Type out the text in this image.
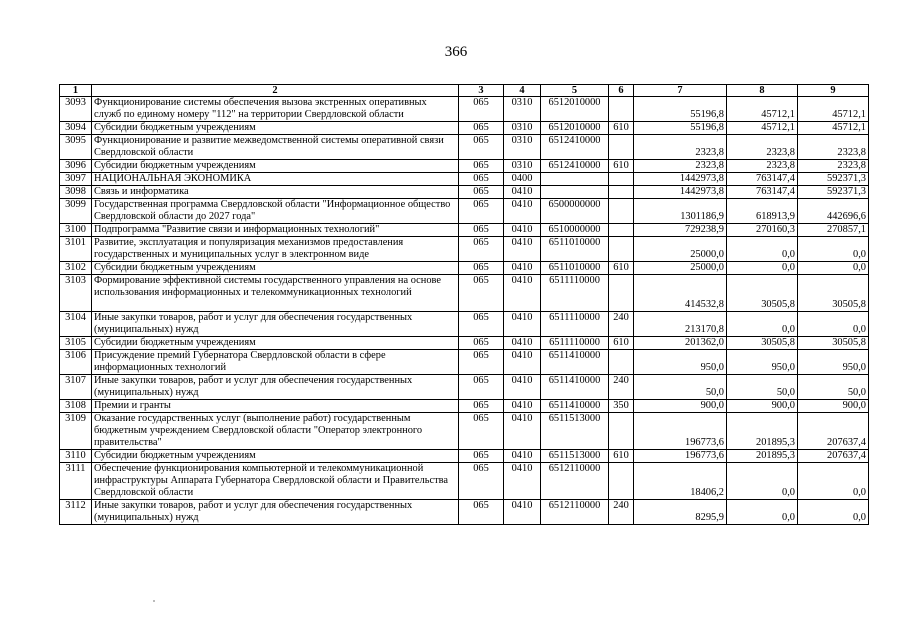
366
1	2	3	4	5	6	7	8	9
3093	Функционирование системы обеспечения вызова экстренных оперативных служб по единому номеру "112" на территории Свердловской области	065	0310	6512010000		55196,8	45712,1	45712,1
3094	Субсидии бюджетным учреждениям	065	0310	6512010000	610	55196,8	45712,1	45712,1
3095	Функционирование и развитие межведомственной системы оперативной связи Свердловской области	065	0310	6512410000		2323,8	2323,8	2323,8
3096	Субсидии бюджетным учреждениям	065	0310	6512410000	610	2323,8	2323,8	2323,8
3097	НАЦИОНАЛЬНАЯ ЭКОНОМИКА	065	0400			1442973,8	763147,4	592371,3
3098	Связь и информатика	065	0410			1442973,8	763147,4	592371,3
3099	Государственная программа Свердловской области "Информационное общество Свердловской области до 2027 года"	065	0410	6500000000		1301186,9	618913,9	442696,6
3100	Подпрограмма "Развитие связи и информационных технологий"	065	0410	6510000000		729238,9	270160,3	270857,1
3101	Развитие, эксплуатация и популяризация механизмов предоставления государственных и муниципальных услуг в электронном виде	065	0410	6511010000		25000,0	0,0	0,0
3102	Субсидии бюджетным учреждениям	065	0410	6511010000	610	25000,0	0,0	0,0
3103	Формирование эффективной системы государственного управления на основе использования информационных и телекоммуникационных технологий	065	0410	6511110000		414532,8	30505,8	30505,8
3104	Иные закупки товаров, работ и услуг для обеспечения государственных (муниципальных) нужд	065	0410	6511110000	240	213170,8	0,0	0,0
3105	Субсидии бюджетным учреждениям	065	0410	6511110000	610	201362,0	30505,8	30505,8
3106	Присуждение премий Губернатора Свердловской области в сфере информационных технологий	065	0410	6511410000		950,0	950,0	950,0
3107	Иные закупки товаров, работ и услуг для обеспечения государственных (муниципальных) нужд	065	0410	6511410000	240	50,0	50,0	50,0
3108	Премии и гранты	065	0410	6511410000	350	900,0	900,0	900,0
3109	Оказание государственных услуг (выполнение работ) государственным бюджетным учреждением Свердловской области "Оператор электронного правительства"	065	0410	6511513000		196773,6	201895,3	207637,4
3110	Субсидии бюджетным учреждениям	065	0410	6511513000	610	196773,6	201895,3	207637,4
3111	Обеспечение функционирования компьютерной и телекоммуникационной инфраструктуры Аппарата Губернатора Свердловской области и Правительства Свердловской области	065	0410	6512110000		18406,2	0,0	0,0
3112	Иные закупки товаров, работ и услуг для обеспечения государственных (муниципальных) нужд	065	0410	6512110000	240	8295,9	0,0	0,0
